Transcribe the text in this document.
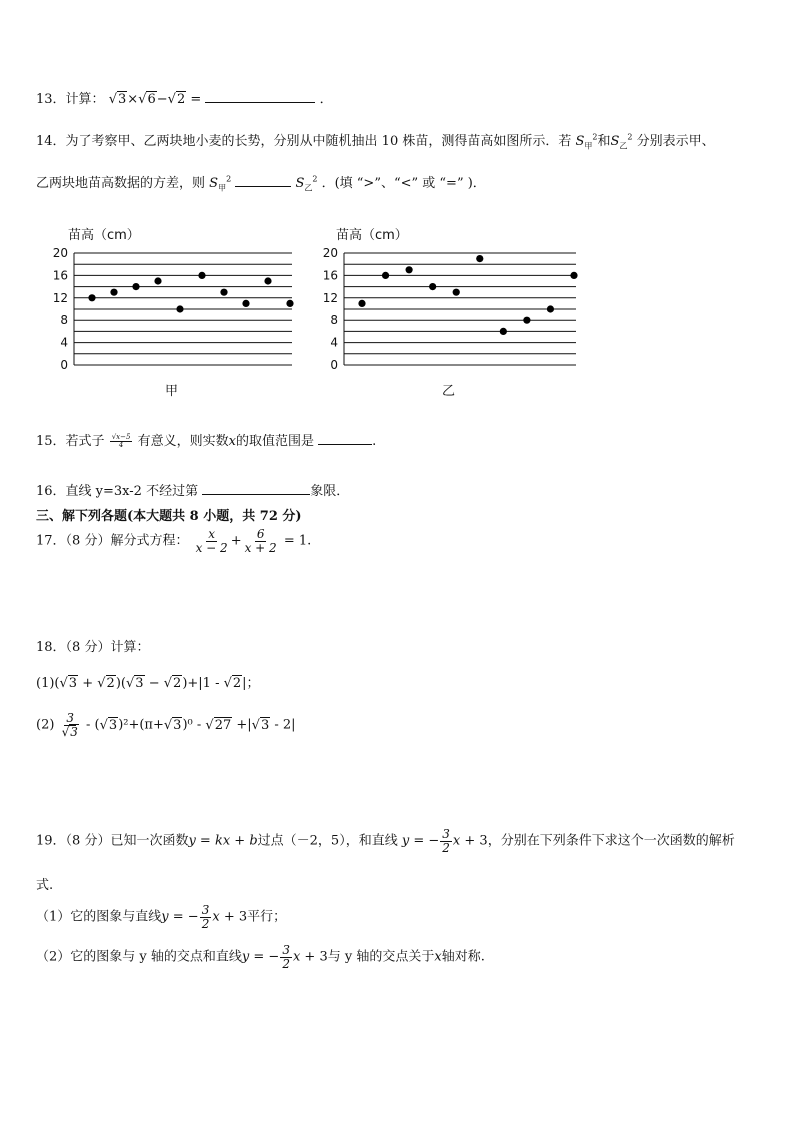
13．计算： √3×√6−√2 =	．
14．为了考察甲、乙两块地小麦的长势，分别从中随机抽出 10 株苗，测得苗高如图所示．若 $S_甲^2$和$S_乙^2$ 分别表示甲、
乙两块地苗高数据的方差，则 $S_甲^2$	$S_乙^2$ ．(填 “>”、“<” 或 “=” )．
苗高（cm）
0
4
8
12
16
20
甲
苗高（cm）
0
4
8
12
16
20
乙
15．若式子 $\frac{√x-5}{4}$ 有意义，则实数x的取值范围是	.
16．直线 y=3x-2 不经过第	象限．
三、解下列各题(本大题共 8 小题，共 72 分)
17．（8 分）解分式方程： $\frac{x}{x - 2} + \frac{6}{x + 2} = 1$.
18．（8 分）计算：
(1)(√3 + √2)(√3 − √2)+|1 - √2|；
$(2) \frac{3}{√3} - (√3)^2+(\pi+√3)^0 - √27 +|√3 - 2|$
19．（8 分）已知一次函数y = kx + b过点（－2，5），和直线 y = − $\frac{3}{2}$ x + 3，分别在下列条件下求这个一次函数的解析
式.
（1）它的图象与直线y = − $\frac{3}{2}$ x + 3平行；
（2）它的图象与 y 轴的交点和直线y = − $\frac{3}{2}$ x + 3与 y 轴的交点关于x轴对称.
